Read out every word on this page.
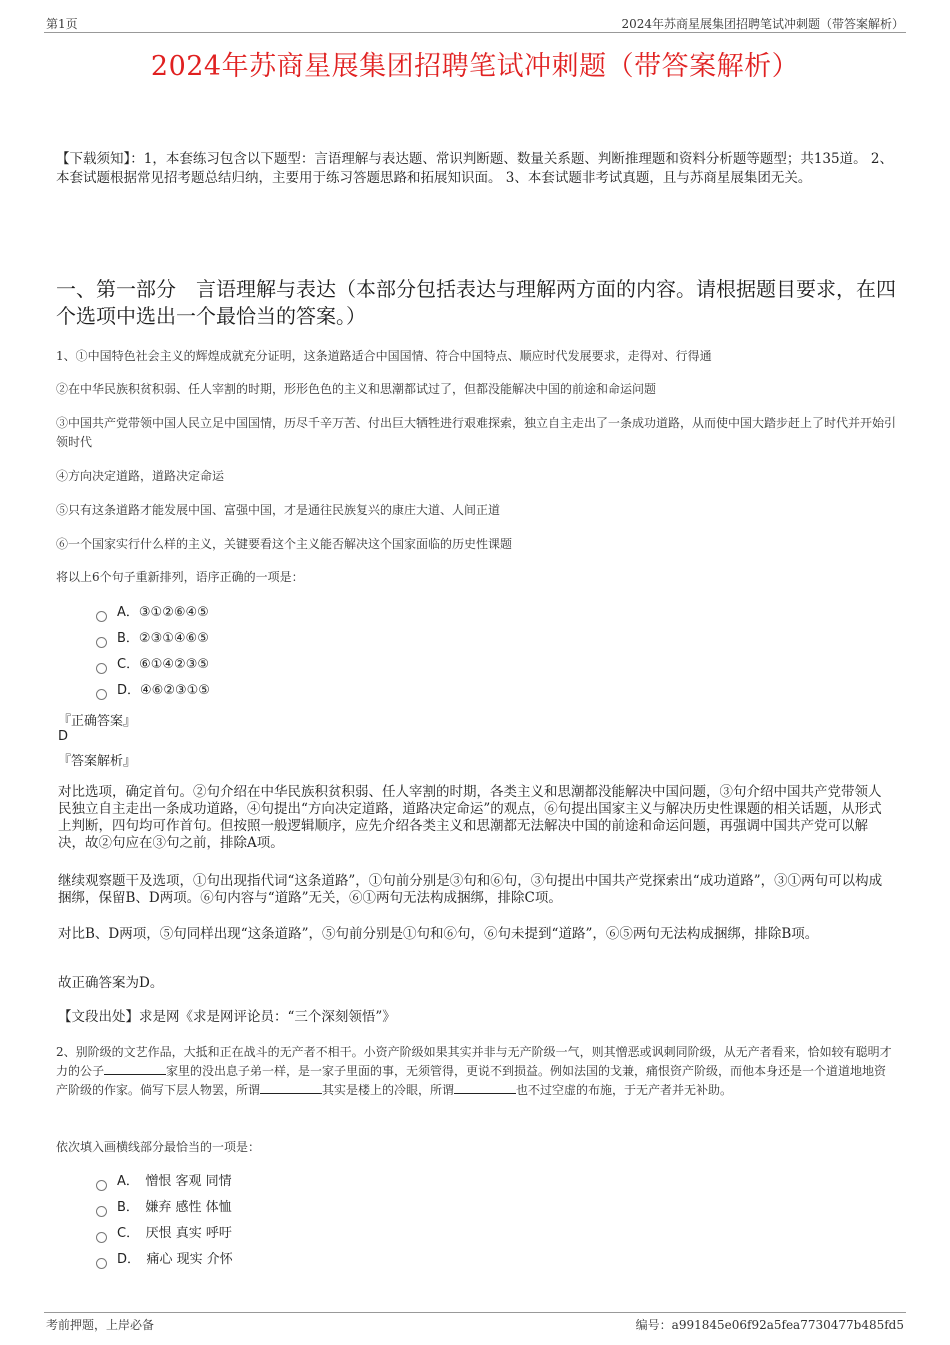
第1页	2024年苏商星展集团招聘笔试冲刺题（带答案解析）
2024年苏商星展集团招聘笔试冲刺题（带答案解析）
【下载须知】：1，本套练习包含以下题型：言语理解与表达题、常识判断题、数量关系题、判断推理题和资料分析题等题型；共135道。 2、本套试题根据常见招考题总结归纳，主要用于练习答题思路和拓展知识面。 3、本套试题非考试真题，且与苏商星展集团无关。
一、第一部分　言语理解与表达（本部分包括表达与理解两方面的内容。请根据题目要求，在四个选项中选出一个最恰当的答案。）
1、①中国特色社会主义的辉煌成就充分证明，这条道路适合中国国情、符合中国特点、顺应时代发展要求，走得对、行得通
②在中华民族积贫积弱、任人宰割的时期，形形色色的主义和思潮都试过了，但都没能解决中国的前途和命运问题
③中国共产党带领中国人民立足中国国情，历尽千辛万苦、付出巨大牺牲进行艰难探索，独立自主走出了一条成功道路，从而使中国大踏步赶上了时代并开始引领时代
④方向决定道路，道路决定命运
⑤只有这条道路才能发展中国、富强中国，才是通往民族复兴的康庄大道、人间正道
⑥一个国家实行什么样的主义，关键要看这个主义能否解决这个国家面临的历史性课题
将以上6个句子重新排列，语序正确的一项是：
A．③①②⑥④⑤
B．②③①④⑥⑤
C．⑥①④②③⑤
D．④⑥②③①⑤
『正确答案』
D
『答案解析』
对比选项，确定首句。②句介绍在中华民族积贫积弱、任人宰割的时期，各类主义和思潮都没能解决中国问题，③句介绍中国共产党带领人民独立自主走出一条成功道路，④句提出“方向决定道路，道路决定命运”的观点，⑥句提出国家主义与解决历史性课题的相关话题，从形式上判断，四句均可作首句。但按照一般逻辑顺序，应先介绍各类主义和思潮都无法解决中国的前途和命运问题，再强调中国共产党可以解决，故②句应在③句之前，排除A项。
继续观察题干及选项，①句出现指代词“这条道路”，①句前分别是③句和⑥句，③句提出中国共产党探索出“成功道路”，③①两句可以构成捆绑，保留B、D两项。⑥句内容与“道路”无关，⑥①两句无法构成捆绑，排除C项。
对比B、D两项，⑤句同样出现“这条道路”，⑤句前分别是①句和⑥句，⑥句未提到“道路”，⑥⑤两句无法构成捆绑，排除B项。
故正确答案为D。
【文段出处】求是网《求是网评论员：“三个深刻领悟”》
2、别阶级的文艺作品，大抵和正在战斗的无产者不相干。小资产阶级如果其实并非与无产阶级一气，则其憎恶或讽刺同阶级，从无产者看来，恰如较有聪明才力的公子	家里的没出息子弟一样，是一家子里面的事，无须管得，更说不到损益。例如法国的戈兼，痛恨资产阶级，而他本身还是一个道道地地资产阶级的作家。倘写下层人物罢，所谓	其实是楼上的冷眼，所谓	也不过空虚的布施，于无产者并无补助。
依次填入画横线部分最恰当的一项是：
A．　憎恨 客观 同情
B．　嫌弃 感性 体恤
C．　厌恨 真实 呼吁
D．　痛心 现实 介怀
考前押题，上岸必备	编号：a991845e06f92a5fea7730477b485fd5
